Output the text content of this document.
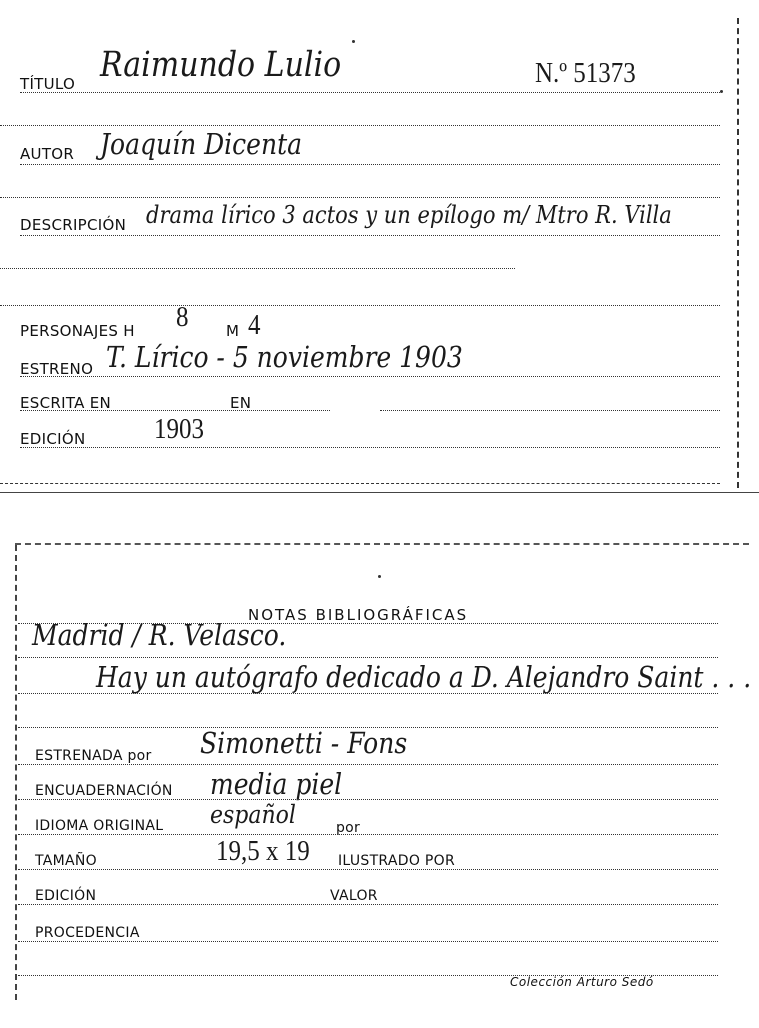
TÍTULO Raimundo Lulio	N.º 51373
AUTOR Joaquín Dicenta
DESCRIPCIÓN drama lírico 3 actos y un epílogo m/ Mtro R. Villa
PERSONAJES H 8	M 4
ESTRENO T. Lírico - 5 noviembre 1903
ESCRITA EN	EN
EDICIÓN	1903
NOTAS BIBLIOGRÁFICAS
Madrid / R. Velasco.
Hay un autógrafo dedicado a D. Alejandro Saint . . .
ESTRENADA por Simonetti - Fons
ENCUADERNACIÓN media piel
IDIOMA ORIGINAL español	por
TAMAÑO	19,5 x 19 ILUSTRADO POR
EDICIÓN	VALOR
PROCEDENCIA
Colección Arturo Sedó
